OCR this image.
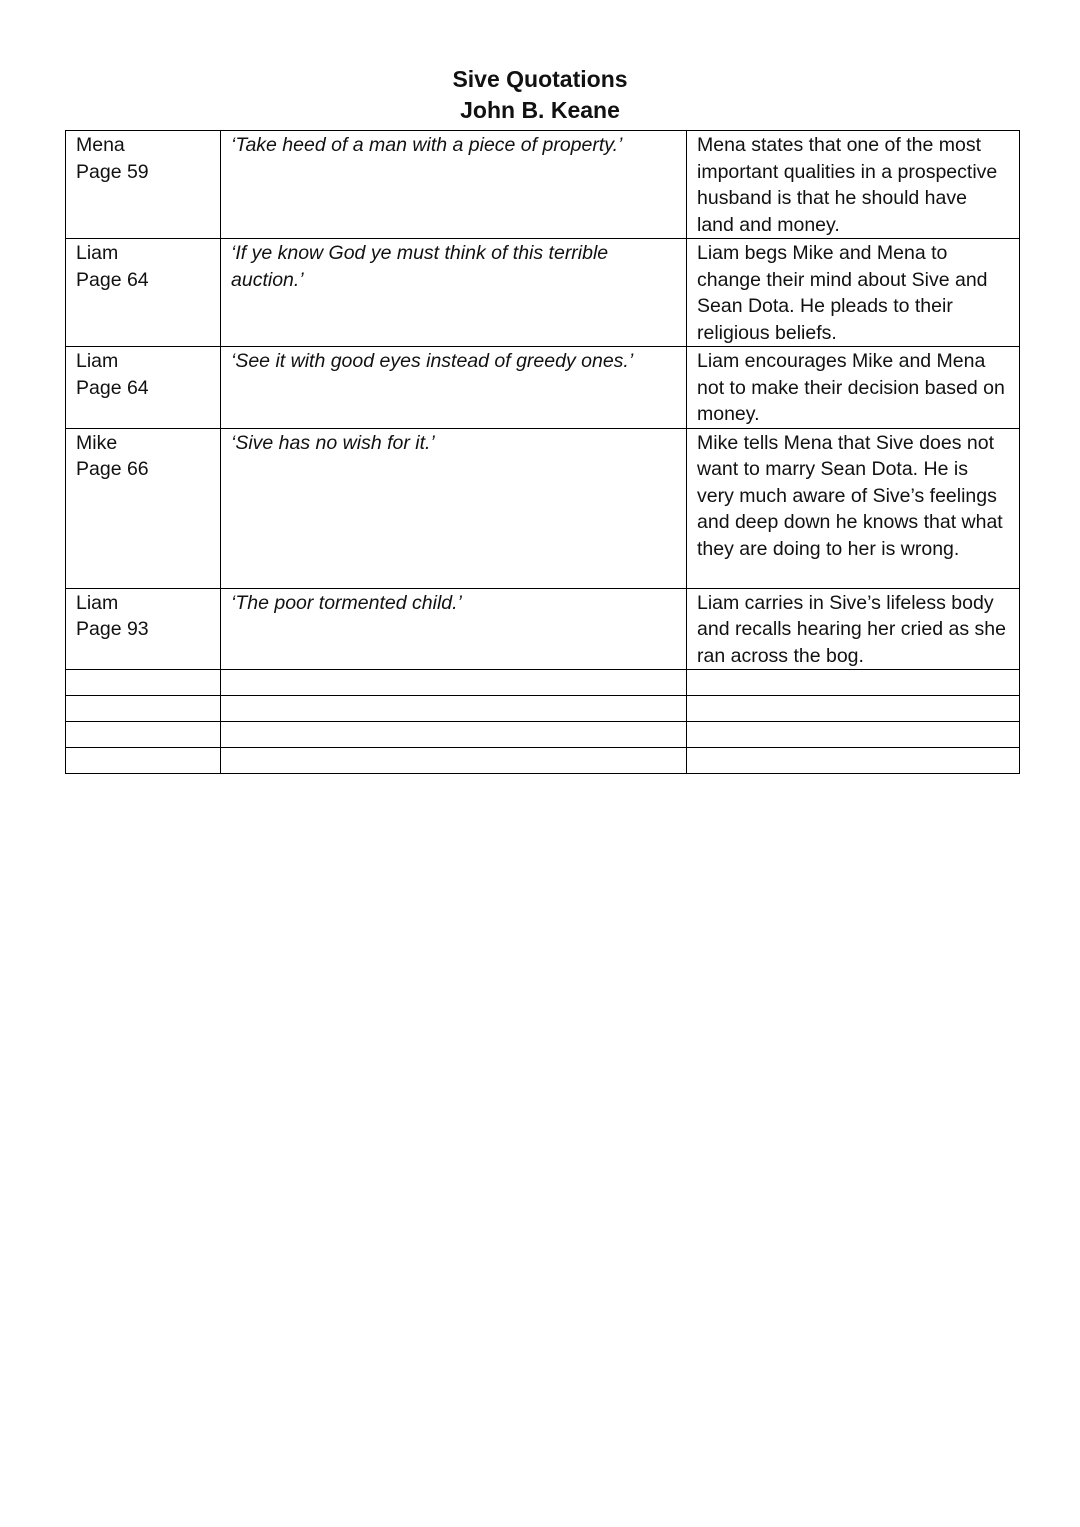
Sive Quotations
John B. Keane
Mena
Page 59	‘Take heed of a man with a piece of property.’	Mena states that one of the most important qualities in a prospective husband is that he should have land and money.

Liam
Page 64	‘If ye know God ye must think of this terrible auction.’	Liam begs Mike and Mena to change their mind about Sive and Sean Dota. He pleads to their religious beliefs.

Liam
Page 64	‘See it with good eyes instead of greedy ones.’	Liam encourages Mike and Mena not to make their decision based on money.

Mike
Page 66	‘Sive has no wish for it.’	Mike tells Mena that Sive does not want to marry Sean Dota. He is very much aware of Sive’s feelings and deep down he knows that what they are doing to her is wrong.

Liam
Page 93	‘The poor tormented child.’	Liam carries in Sive’s lifeless body and recalls hearing her cried as she ran across the bog.
